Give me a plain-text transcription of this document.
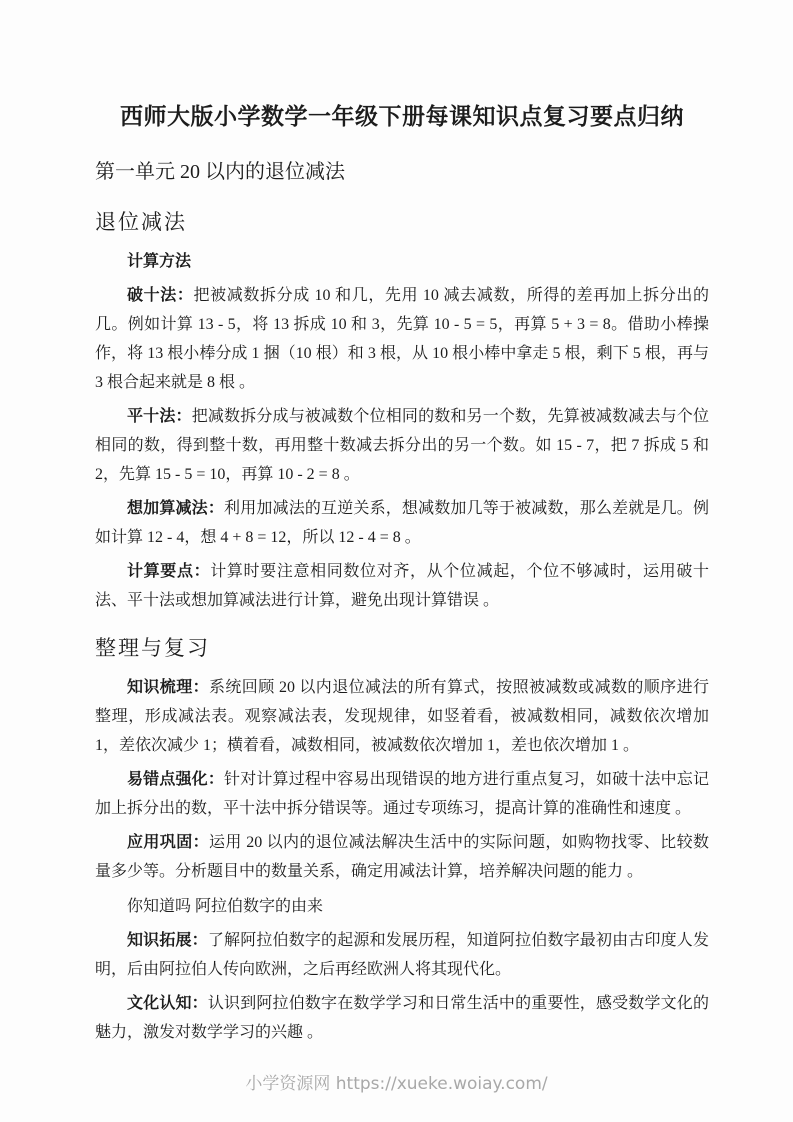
西师大版小学数学一年级下册每课知识点复习要点归纳
第一单元 20 以内的退位减法
退位减法
计算方法

破十法：把被减数拆分成 10 和几，先用 10 减去减数，所得的差再加上拆分出的几。例如计算 13 - 5，将 13 拆成 10 和 3，先算 10 - 5 = 5，再算 5 + 3 = 8。借助小棒操作，将 13 根小棒分成 1 捆（10 根）和 3 根，从 10 根小棒中拿走 5 根，剩下 5 根，再与 3 根合起来就是 8 根 。

平十法：把减数拆分成与被减数个位相同的数和另一个数，先算被减数减去与个位相同的数，得到整十数，再用整十数减去拆分出的另一个数。如 15 - 7，把 7 拆成 5 和 2，先算 15 - 5 = 10，再算 10 - 2 = 8 。

想加算减法：利用加减法的互逆关系，想减数加几等于被减数，那么差就是几。例如计算 12 - 4，想 4 + 8 = 12，所以 12 - 4 = 8 。

计算要点：计算时要注意相同数位对齐，从个位减起，个位不够减时，运用破十法、平十法或想加算减法进行计算，避免出现计算错误 。

整理与复习

知识梳理：系统回顾 20 以内退位减法的所有算式，按照被减数或减数的顺序进行整理，形成减法表。观察减法表，发现规律，如竖着看，被减数相同，减数依次增加 1，差依次减少 1；横着看，减数相同，被减数依次增加 1，差也依次增加 1 。

易错点强化：针对计算过程中容易出现错误的地方进行重点复习，如破十法中忘记加上拆分出的数，平十法中拆分错误等。通过专项练习，提高计算的准确性和速度 。

应用巩固：运用 20 以内的退位减法解决生活中的实际问题，如购物找零、比较数量多少等。分析题目中的数量关系，确定用减法计算，培养解决问题的能力 。

你知道吗 阿拉伯数字的由来

知识拓展：了解阿拉伯数字的起源和发展历程，知道阿拉伯数字最初由古印度人发明，后由阿拉伯人传向欧洲，之后再经欧洲人将其现代化。

文化认知：认识到阿拉伯数字在数学学习和日常生活中的重要性，感受数学文化的魅力，激发对数学学习的兴趣 。

小学资源网 https://xueke.woiay.com/
